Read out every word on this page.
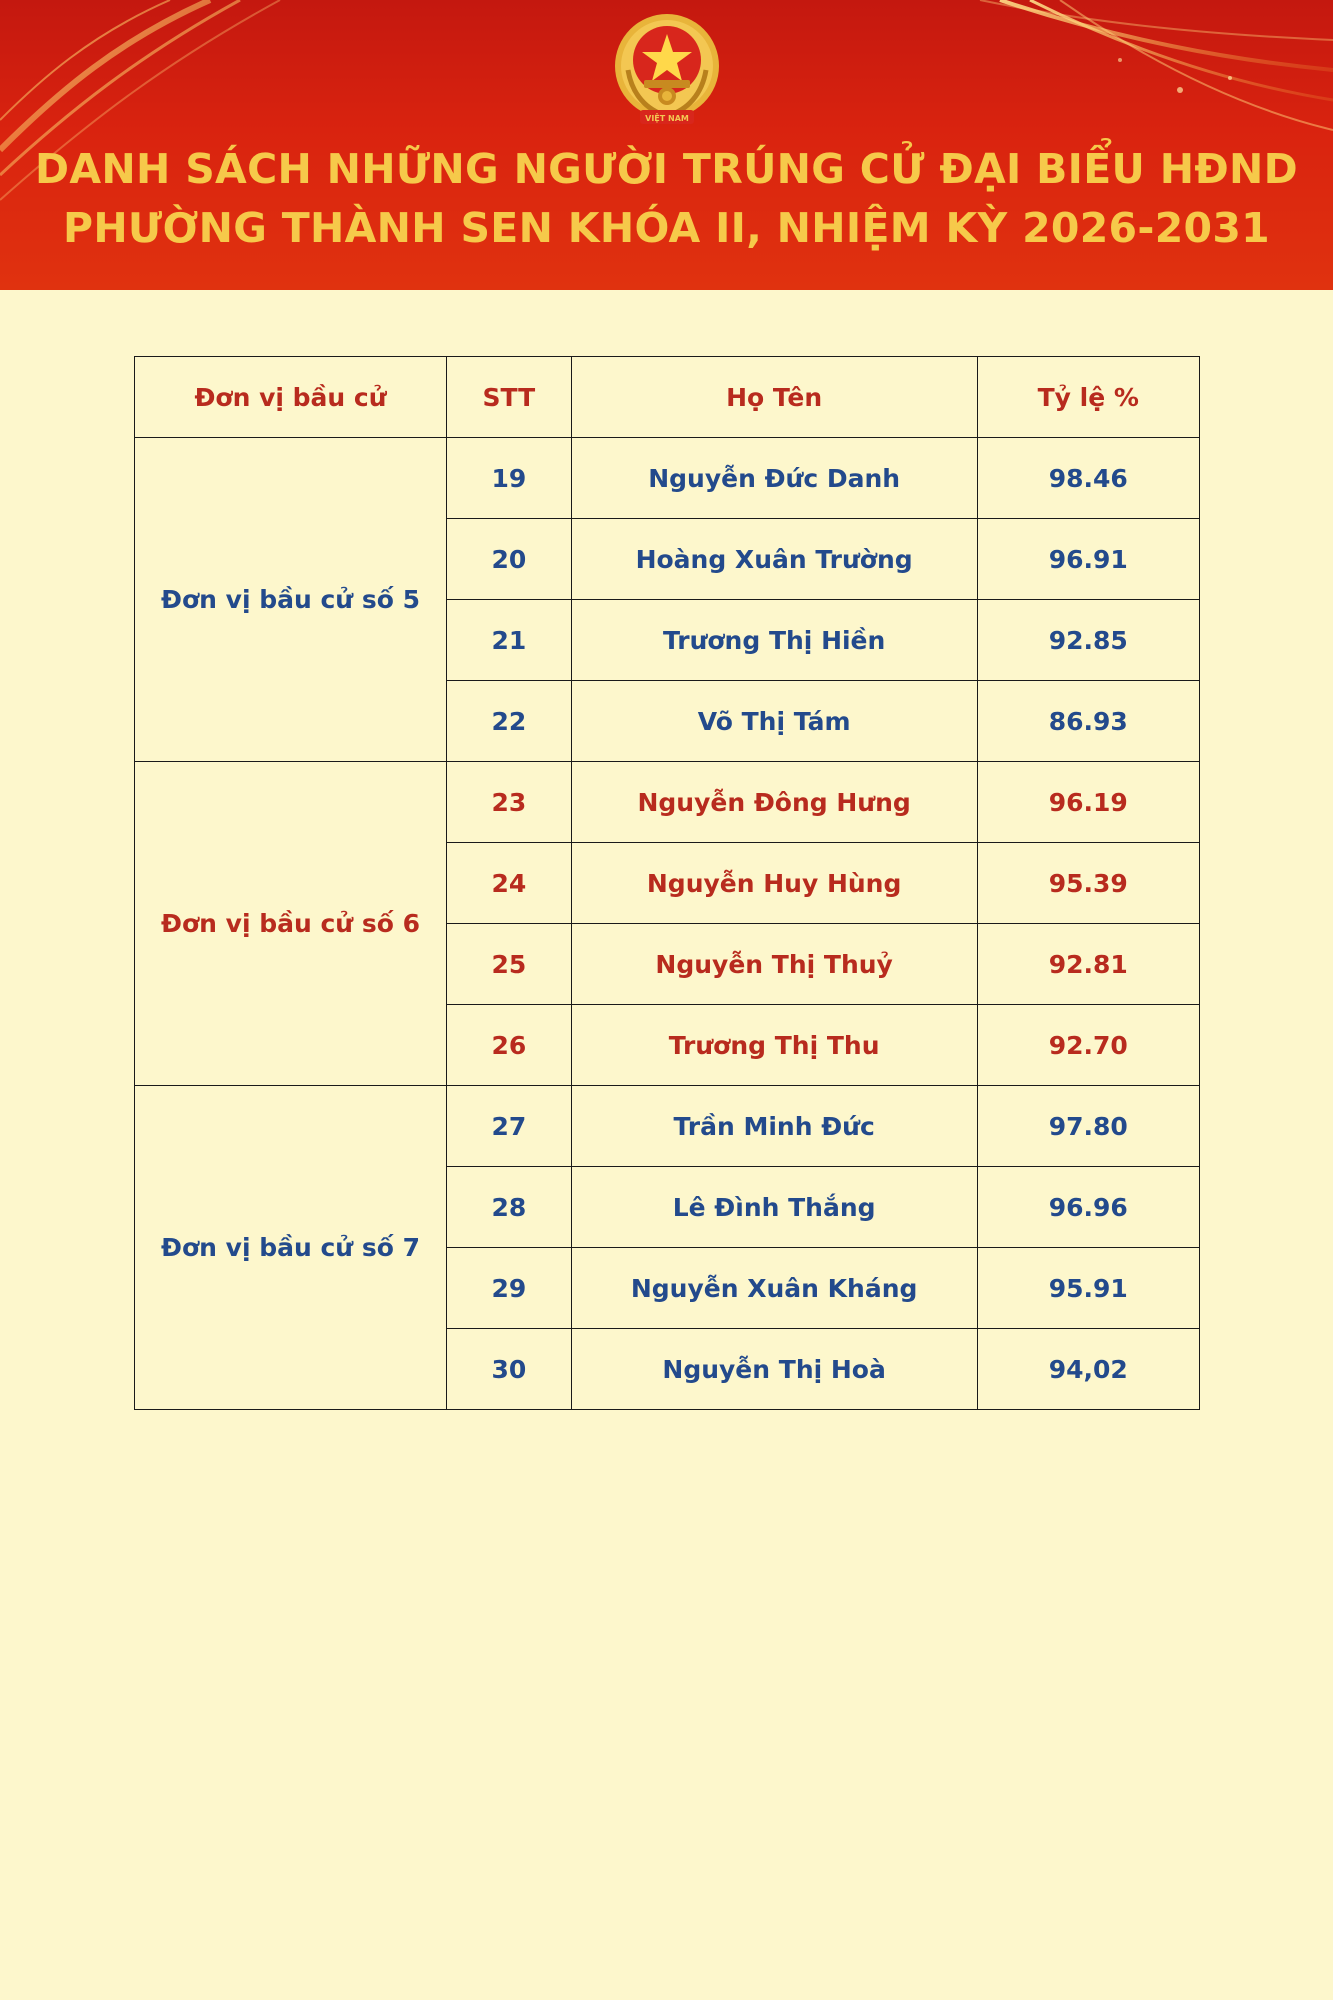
VIỆT NAM
DANH SÁCH NHỮNG NGƯỜI TRÚNG CỬ ĐẠI BIỂU HĐND
PHƯỜNG THÀNH SEN KHÓA II, NHIỆM KỲ 2026-2031
Đơn vị bầu cử	STT	Họ Tên	Tỷ lệ %
Đơn vị bầu cử số 5	19	Nguyễn Đức Danh	98.46
	20	Hoàng Xuân Trường	96.91
	21	Trương Thị Hiền	92.85
	22	Võ Thị Tám	86.93
Đơn vị bầu cử số 6	23	Nguyễn Đông Hưng	96.19
	24	Nguyễn Huy Hùng	95.39
	25	Nguyễn Thị Thuỷ	92.81
	26	Trương Thị Thu	92.70
Đơn vị bầu cử số 7	27	Trần Minh Đức	97.80
	28	Lê Đình Thắng	96.96
	29	Nguyễn Xuân Kháng	95.91
	30	Nguyễn Thị Hoà	94,02
